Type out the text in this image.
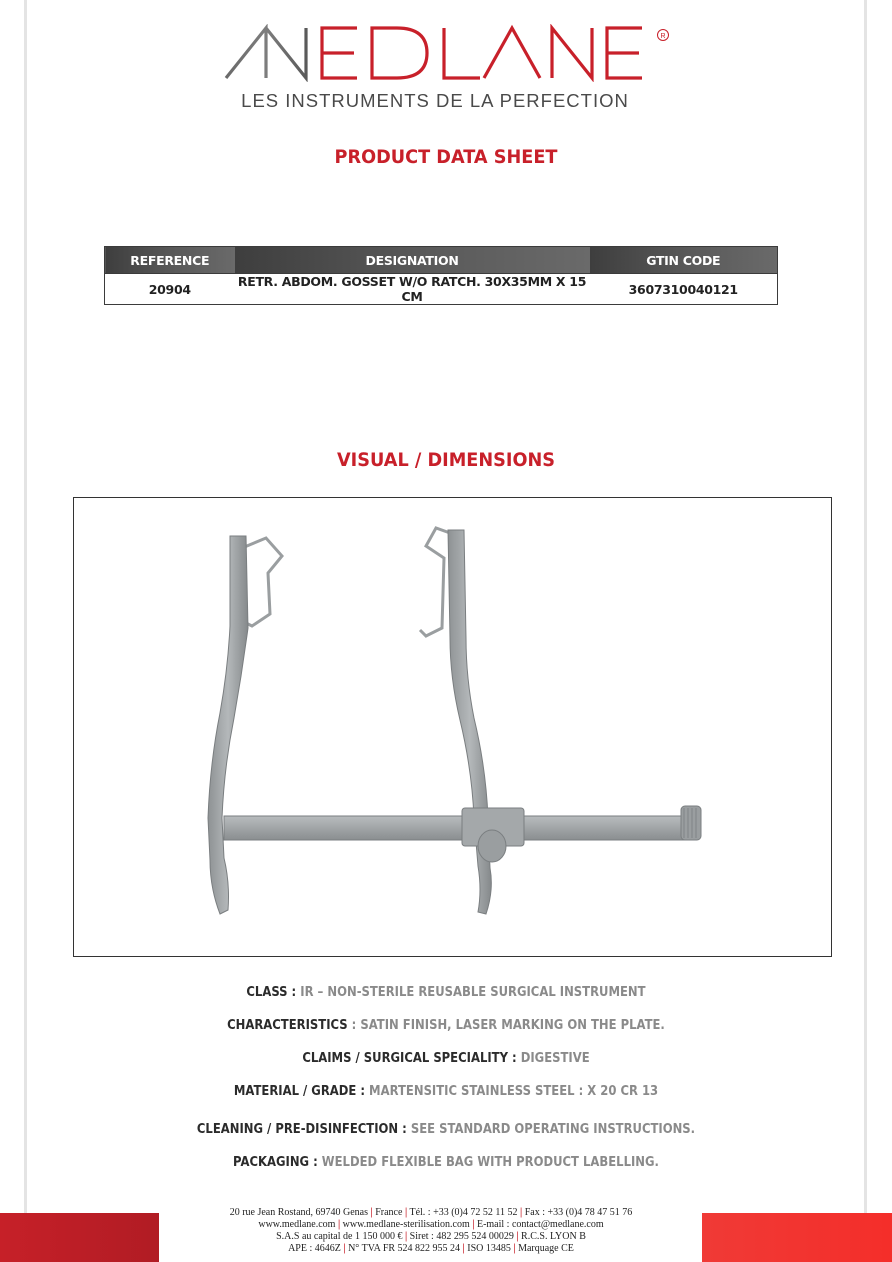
R
LES INSTRUMENTS DE LA PERFECTION
PRODUCT DATA SHEET
REFERENCE	DESIGNATION	GTIN CODE
20904	RETR. ABDOM. GOSSET W/O RATCH. 30X35MM X 15 CM	3607310040121
VISUAL / DIMENSIONS
CLASS : IR – NON-STERILE REUSABLE SURGICAL INSTRUMENT
CHARACTERISTICS : SATIN FINISH, LASER MARKING ON THE PLATE.
CLAIMS / SURGICAL SPECIALITY : DIGESTIVE
MATERIAL / GRADE : MARTENSITIC STAINLESS STEEL : X 20 CR 13
CLEANING / PRE-DISINFECTION : SEE STANDARD OPERATING INSTRUCTIONS.
PACKAGING : WELDED FLEXIBLE BAG WITH PRODUCT LABELLING.
20 rue Jean Rostand, 69740 Genas | France | Tél. : +33 (0)4 72 52 11 52 | Fax : +33 (0)4 78 47 51 76
www.medlane.com | www.medlane-sterilisation.com | E-mail : contact@medlane.com
S.A.S au capital de 1 150 000 € | Siret : 482 295 524 00029 | R.C.S. LYON B
APE : 4646Z | N° TVA FR 524 822 955 24 | ISO 13485 | Marquage CE
